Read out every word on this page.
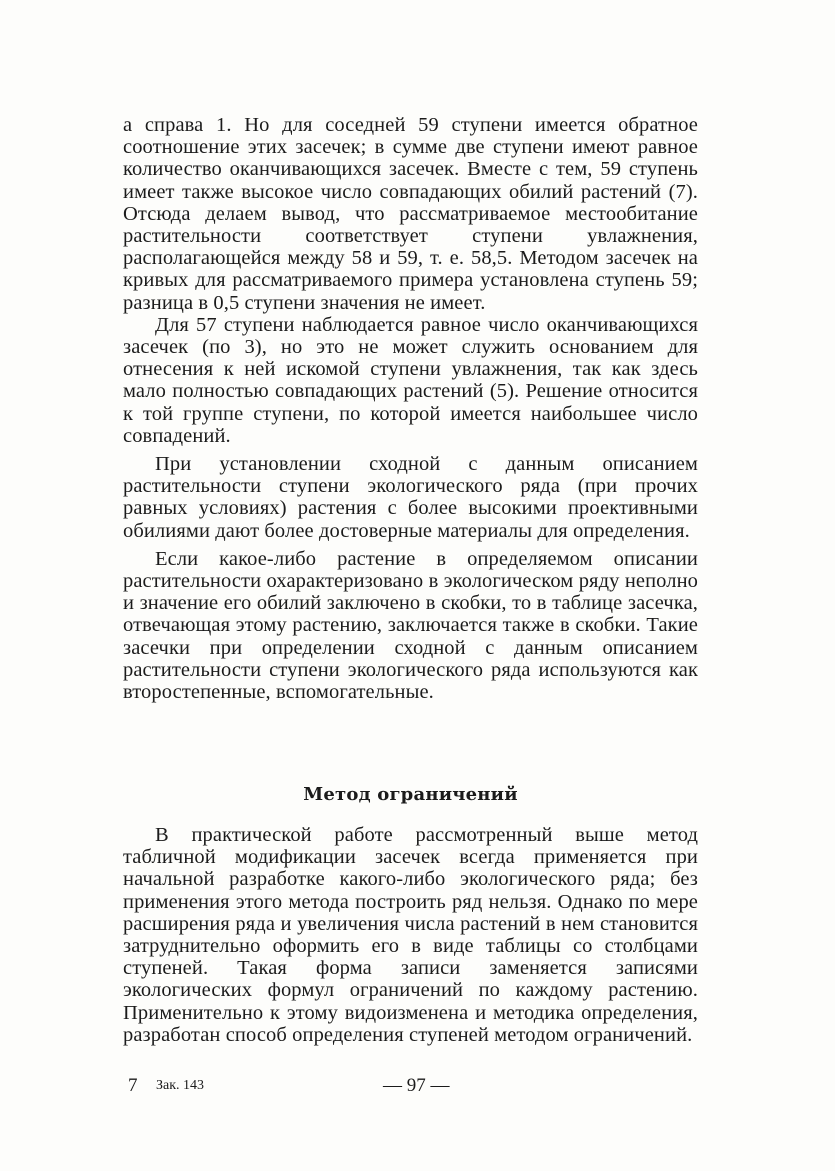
а справа 1. Но для соседней 59 ступени имеется обратное соотношение этих засечек; в сумме две ступени имеют равное количество оканчивающихся засечек. Вместе с тем, 59 ступень имеет также высокое число совпадающих обилий растений (7). Отсюда делаем вывод, что рассматриваемое местообитание растительности соответствует ступени увлажнения, располагающейся между 58 и 59, т. е. 58,5. Методом засечек на кривых для рассматриваемого примера установлена ступень 59; разница в 0,5 ступени значения не имеет.

Для 57 ступени наблюдается равное число оканчивающихся засечек (по 3), но это не может служить основанием для отнесения к ней искомой ступени увлажнения, так как здесь мало полностью совпадающих растений (5). Решение относится к той группе ступени, по которой имеется наибольшее число совпадений.

При установлении сходной с данным описанием растительности ступени экологического ряда (при прочих равных условиях) растения с более высокими проективными обилиями дают более достоверные материалы для определения.

Если какое-либо растение в определяемом описании растительности охарактеризовано в экологическом ряду неполно и значение его обилий заключено в скобки, то в таблице засечка, отвечающая этому растению, заключается также в скобки. Такие засечки при определении сходной с данным описанием растительности ступени экологического ряда используются как второстепенные, вспомогательные.

Метод ограничений

В практической работе рассмотренный выше метод табличной модификации засечек всегда применяется при начальной разработке какого-либо экологического ряда; без применения этого метода построить ряд нельзя. Однако по мере расширения ряда и увеличения числа растений в нем становится затруднительно оформить его в виде таблицы со столбцами ступеней. Такая форма записи заменяется записями экологических формул ограничений по каждому растению. Применительно к этому видоизменена и методика определения, разработан способ определения ступеней методом ограничений.

7 Зак. 143	— 97 —
